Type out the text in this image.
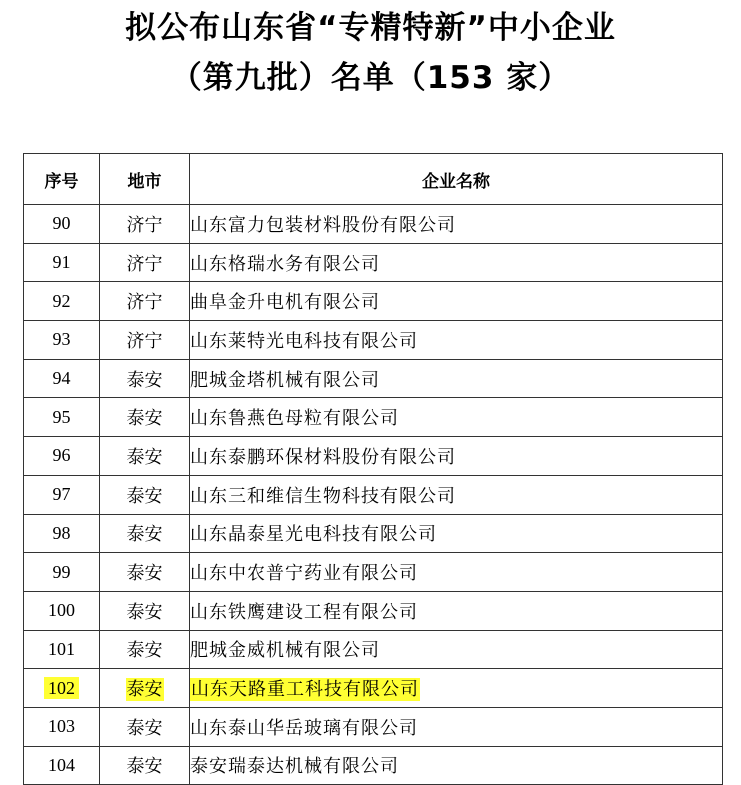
拟公布山东省“专精特新”中小企业
（第九批）名单（153 家）
序号	地市	企业名称
90	济宁	山东富力包装材料股份有限公司
91	济宁	山东格瑞水务有限公司
92	济宁	曲阜金升电机有限公司
93	济宁	山东莱特光电科技有限公司
94	泰安	肥城金塔机械有限公司
95	泰安	山东鲁燕色母粒有限公司
96	泰安	山东泰鹏环保材料股份有限公司
97	泰安	山东三和维信生物科技有限公司
98	泰安	山东晶泰星光电科技有限公司
99	泰安	山东中农普宁药业有限公司
100	泰安	山东铁鹰建设工程有限公司
101	泰安	肥城金威机械有限公司
102	泰安	山东天路重工科技有限公司
103	泰安	山东泰山华岳玻璃有限公司
104	泰安	泰安瑞泰达机械有限公司
